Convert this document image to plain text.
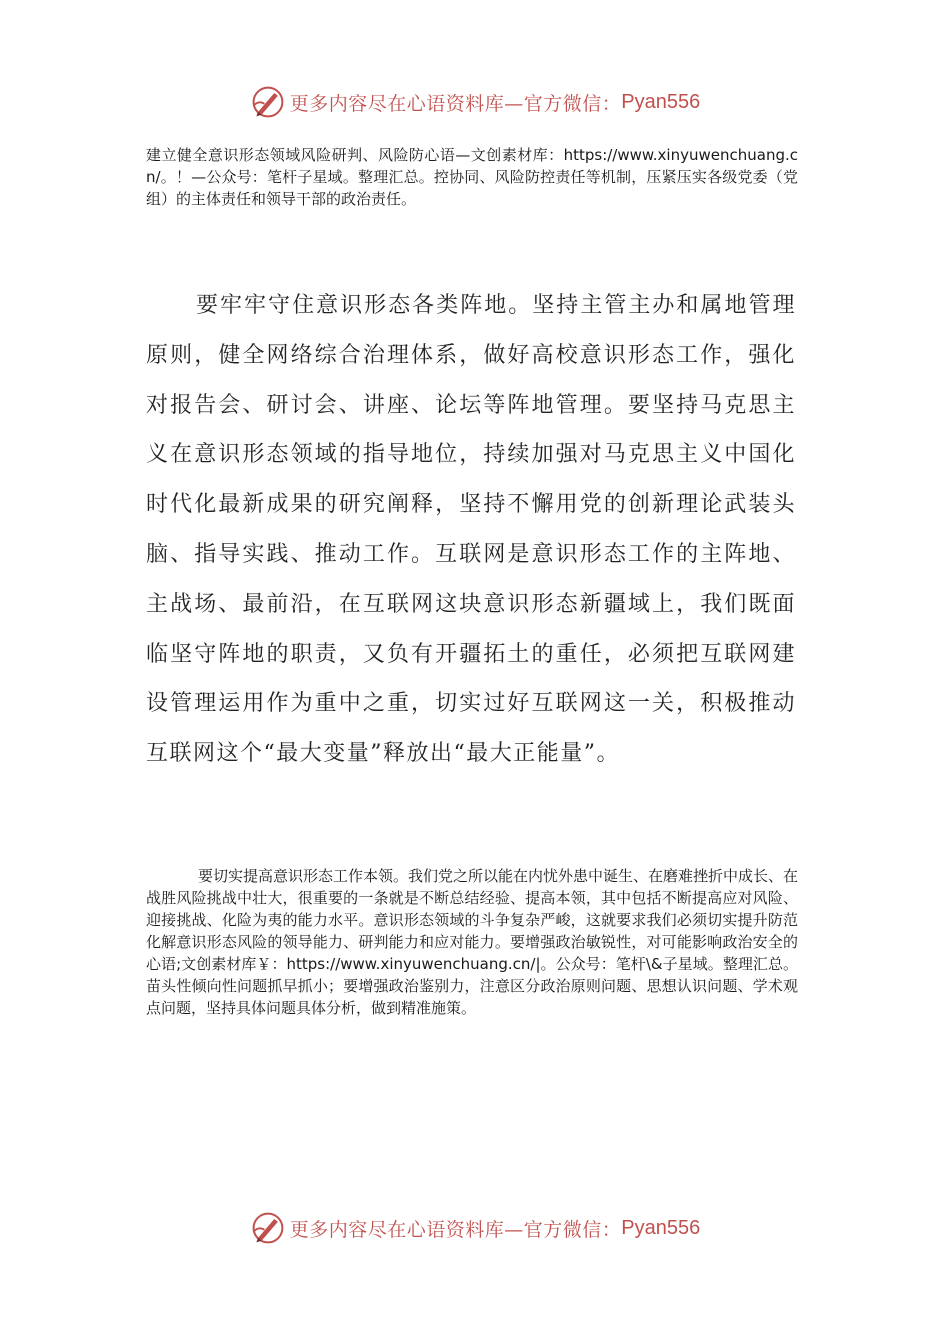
更多内容尽在心语资料库—官方微信： Pyan556

建立健全意识形态领域风险研判、风险防心语—文创素材库：https://www.xinyuwenchuang.cn/。！—公众号：笔杆子星域。整理汇总。控协同、风险防控责任等机制，压紧压实各级党委（党组）的主体责任和领导干部的政治责任。

要牢牢守住意识形态各类阵地。坚持主管主办和属地管理原则，健全网络综合治理体系，做好高校意识形态工作，强化对报告会、研讨会、讲座、论坛等阵地管理。要坚持马克思主义在意识形态领域的指导地位，持续加强对马克思主义中国化时代化最新成果的研究阐释，坚持不懈用党的创新理论武装头脑、指导实践、推动工作。互联网是意识形态工作的主阵地、主战场、最前沿，在互联网这块意识形态新疆域上，我们既面临坚守阵地的职责，又负有开疆拓土的重任，必须把互联网建设管理运用作为重中之重，切实过好互联网这一关，积极推动互联网这个“最大变量”释放出“最大正能量”。

要切实提高意识形态工作本领。我们党之所以能在内忧外患中诞生、在磨难挫折中成长、在战胜风险挑战中壮大，很重要的一条就是不断总结经验、提高本领，其中包括不断提高应对风险、迎接挑战、化险为夷的能力水平。意识形态领域的斗争复杂严峻，这就要求我们必须切实提升防范化解意识形态风险的领导能力、研判能力和应对能力。要增强政治敏锐性，对可能影响政治安全的心语;文创素材库￥：https://www.xinyuwenchuang.cn/|。公众号：笔杆\&子星域。整理汇总。苗头性倾向性问题抓早抓小；要增强政治鉴别力，注意区分政治原则问题、思想认识问题、学术观点问题，坚持具体问题具体分析，做到精准施策。

更多内容尽在心语资料库—官方微信： Pyan556
